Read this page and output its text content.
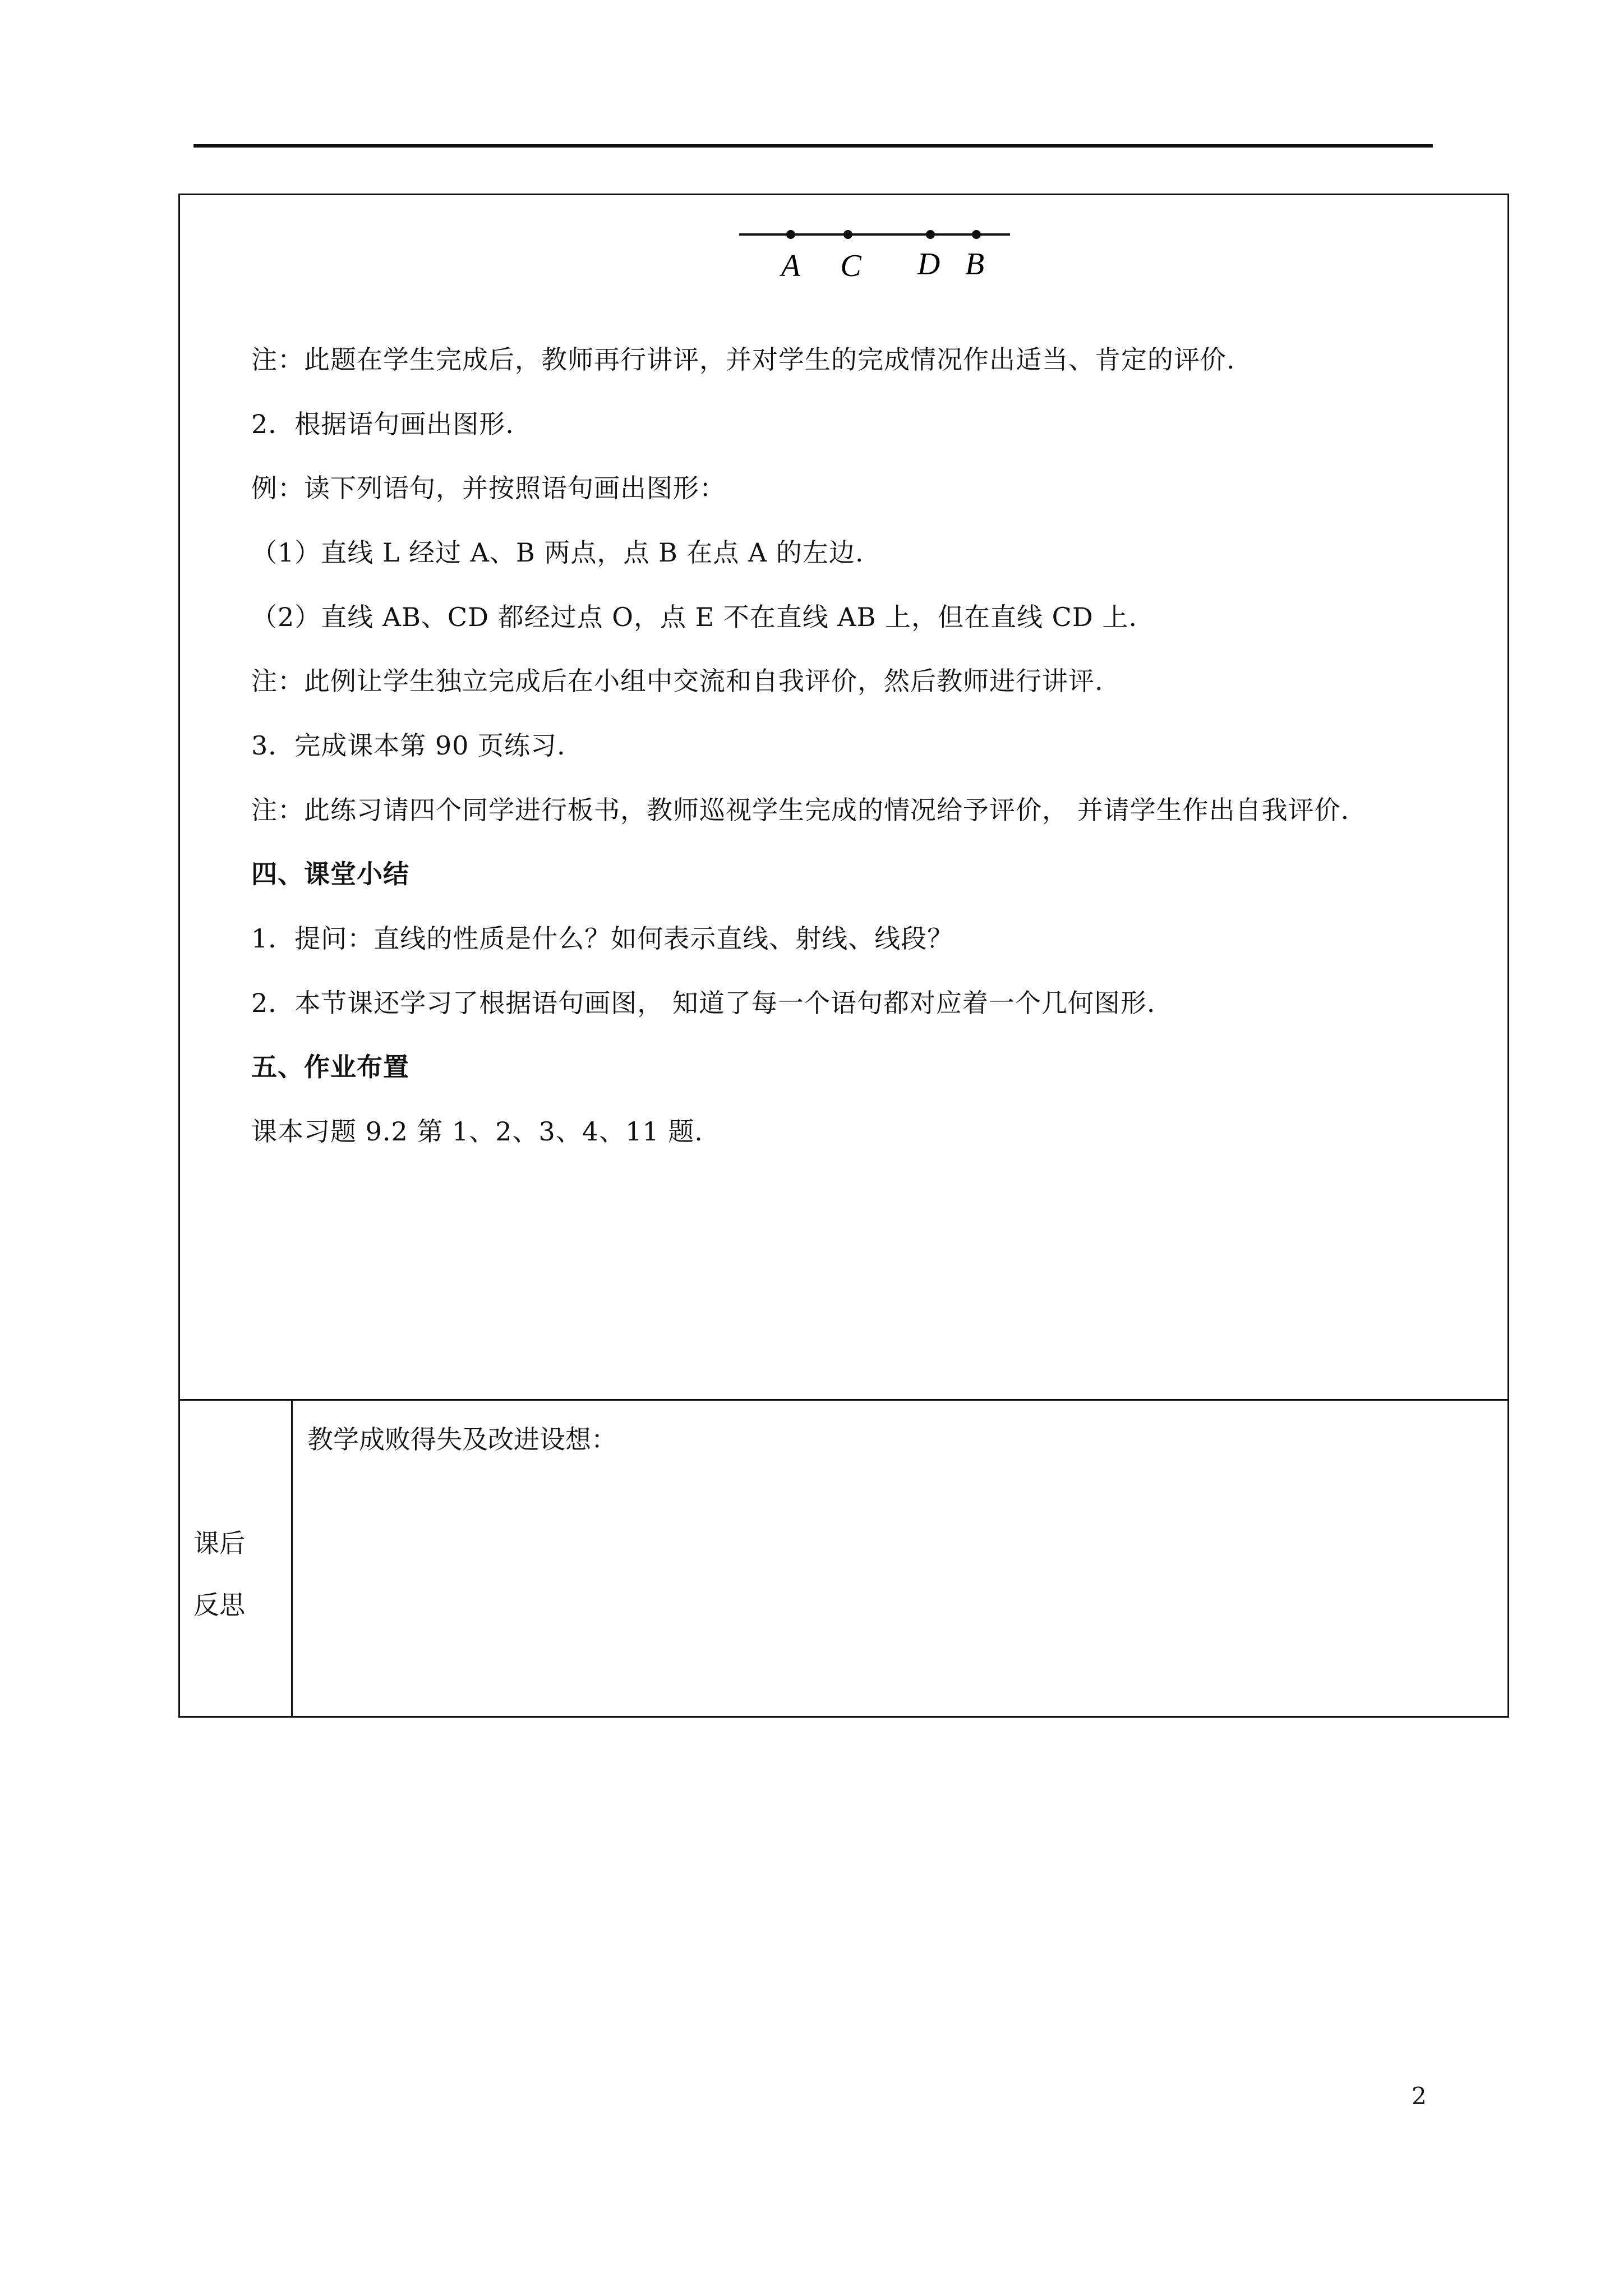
A C D B
注：此题在学生完成后，教师再行讲评，并对学生的完成情况作出适当、肯定的评价.
2．根据语句画出图形.
例：读下列语句，并按照语句画出图形：
（1）直线 L 经过 A、B 两点，点 B 在点 A 的左边.
（2）直线 AB、CD 都经过点 O，点 E 不在直线 AB 上，但在直线 CD 上.
注：此例让学生独立完成后在小组中交流和自我评价，然后教师进行讲评.
3．完成课本第 90 页练习.
注：此练习请四个同学进行板书，教师巡视学生完成的情况给予评价， 并请学生作出自我评价.
四、课堂小结
1．提问：直线的性质是什么？如何表示直线、射线、线段？
2．本节课还学习了根据语句画图， 知道了每一个语句都对应着一个几何图形.
五、作业布置
课本习题 9.2 第 1、2、3、4、11 题.
教学成败得失及改进设想：
课后
反思
2
